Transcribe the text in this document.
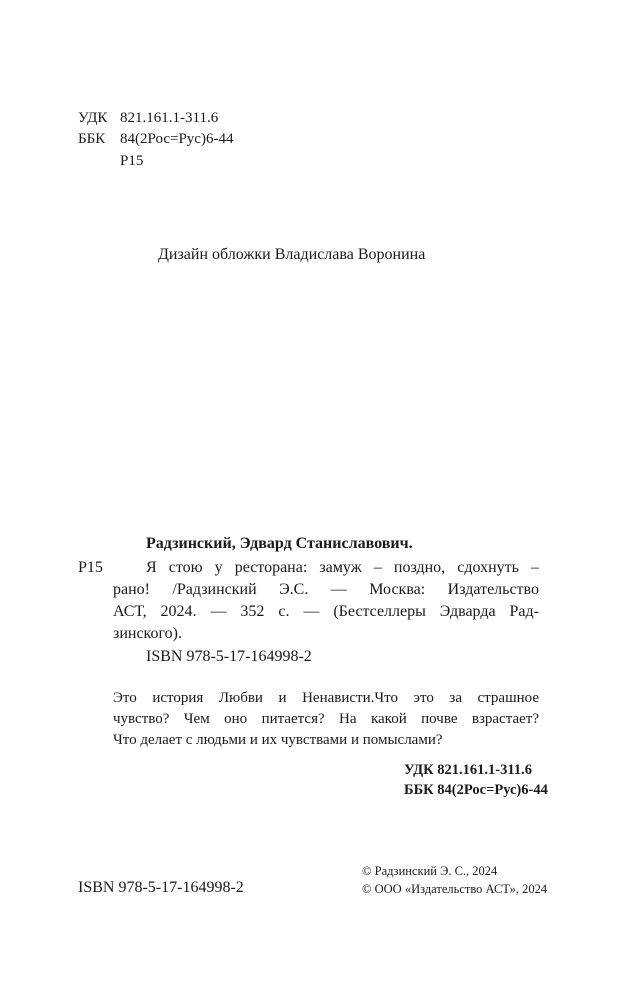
УДК 821.161.1-311.6
ББК 84(2Рос=Рус)6-44
Р15
Дизайн обложки Владислава Воронина
Радзинский, Эдвард Станиславович.
Р15	Я стою у ресторана: замуж – поздно, сдохнуть –
рано! /Радзинский Э.С. — Москва: Издательство
АСТ, 2024. — 352 с. — (Бестселлеры Эдварда Рад-
зинского).
ISBN 978-5-17-164998-2
Это история Любви и Ненависти.Что это за страшное
чувство? Чем оно питается? На какой почве взрастает?
Что делает с людьми и их чувствами и помыслами?
УДК 821.161.1-311.6
ББК 84(2Рос=Рус)6-44
© Радзинский Э. С., 2024
© ООО «Издательство АСТ», 2024
ISBN 978-5-17-164998-2
